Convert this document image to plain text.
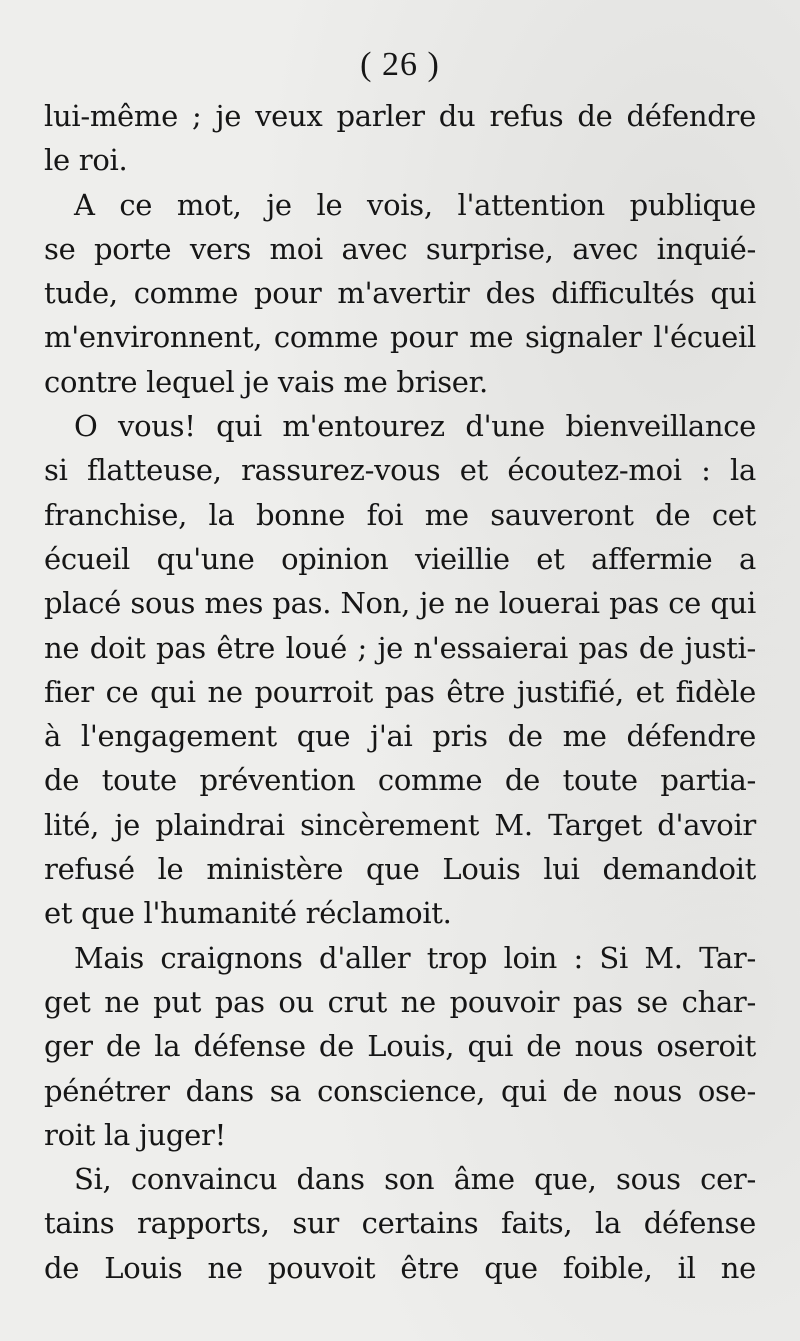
( 26 )

lui-même ; je veux parler du refus de défendre
le roi.

A ce mot, je le vois, l'attention publique
se porte vers moi avec surprise, avec inquié-
tude, comme pour m'avertir des difficultés qui
m'environnent, comme pour me signaler l'écueil
contre lequel je vais me briser.

O vous! qui m'entourez d'une bienveillance
si flatteuse, rassurez-vous et écoutez-moi : la
franchise, la bonne foi me sauveront de cet
écueil qu'une opinion vieillie et affermie a
placé sous mes pas. Non, je ne louerai pas ce qui
ne doit pas être loué ; je n'essaierai pas de justi-
fier ce qui ne pourroit pas être justifié, et fidèle
à l'engagement que j'ai pris de me défendre
de toute prévention comme de toute partia-
lité, je plaindrai sincèrement M. Target d'avoir
refusé le ministère que Louis lui demandoit
et que l'humanité réclamoit.

Mais craignons d'aller trop loin : Si M. Tar-
get ne put pas ou crut ne pouvoir pas se char-
ger de la défense de Louis, qui de nous oseroit
pénétrer dans sa conscience, qui de nous ose-
roit la juger!

Si, convaincu dans son âme que, sous cer-
tains rapports, sur certains faits, la défense
de Louis ne pouvoit être que foible, il ne
